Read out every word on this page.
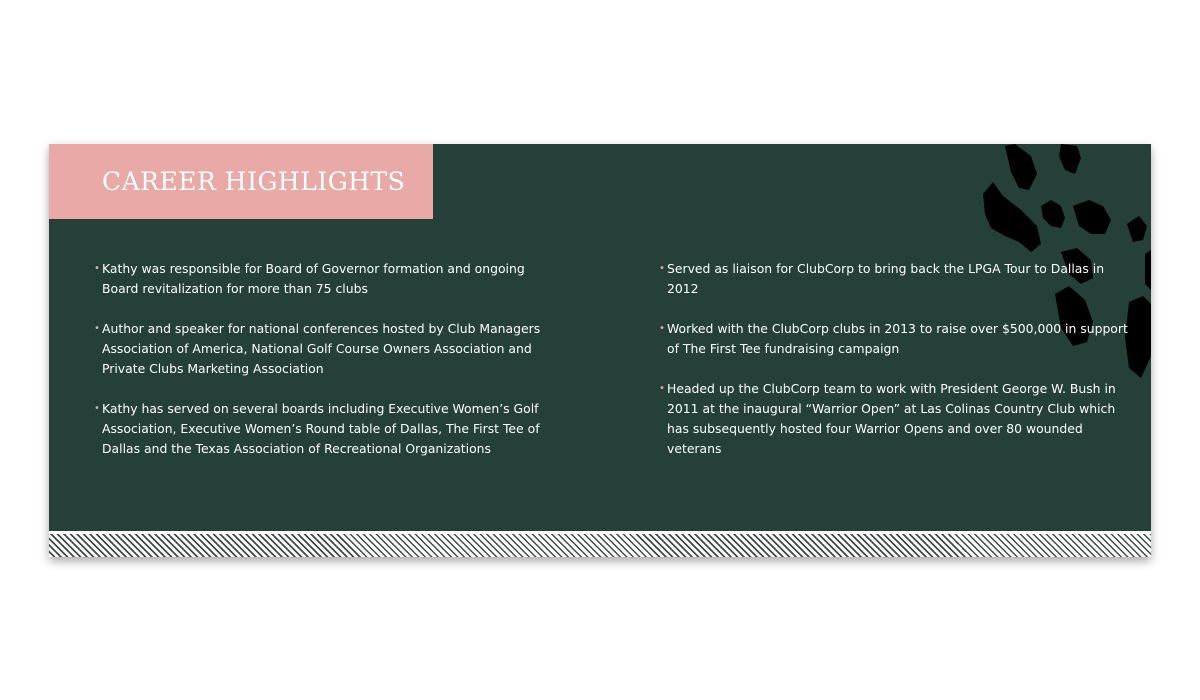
CAREER HIGHLIGHTS
• Kathy was responsible for Board of Governor formation and ongoing Board revitalization for more than 75 clubs
• Author and speaker for national conferences hosted by Club Managers Association of America, National Golf Course Owners Association and Private Clubs Marketing Association
• Kathy has served on several boards including Executive Women’s Golf Association, Executive Women’s Round table of Dallas, The First Tee of Dallas and the Texas Association of Recreational Organizations
• Served as liaison for ClubCorp to bring back the LPGA Tour to Dallas in 2012
• Worked with the ClubCorp clubs in 2013 to raise over $500,000 in support of The First Tee fundraising campaign
• Headed up the ClubCorp team to work with President George W. Bush in 2011 at the inaugural “Warrior Open” at Las Colinas Country Club which has subsequently hosted four Warrior Opens and over 80 wounded veterans
